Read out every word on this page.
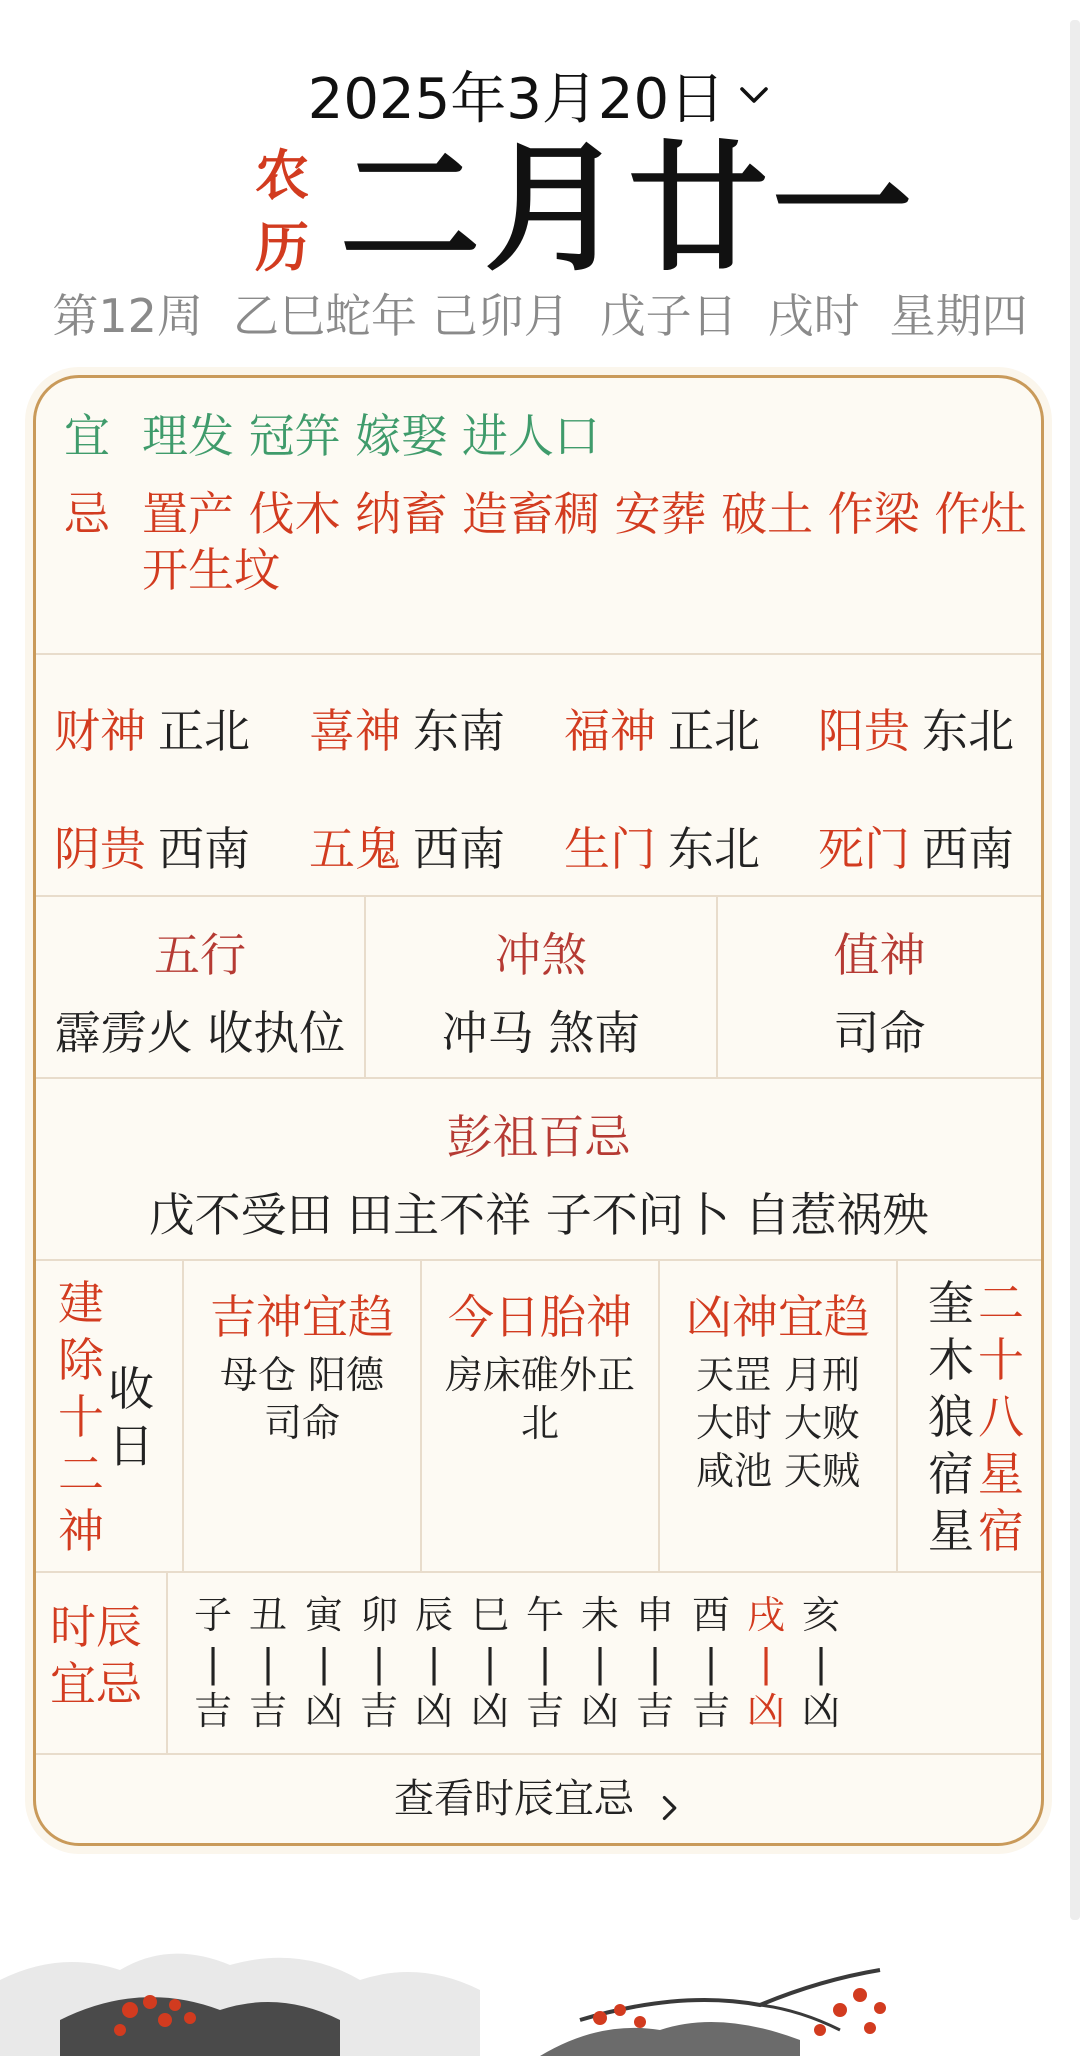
2025年3月20日
农
历 二月廿一
第12周 乙巳蛇年 己卯月 戊子日 戌时 星期四
宜 理发 冠笄 嫁娶 进人口
忌 置产 伐木 纳畜 造畜稠 安葬 破土 作梁 作灶 开生坟
财神 正北 喜神 东南 福神 正北 阳贵 东北
阴贵 西南 五鬼 西南 生门 东北 死门 西南
五行
霹雳火 收执位
冲煞
冲马 煞南
值神
司命
彭祖百忌
戊不受田 田主不祥 子不问卜 自惹祸殃
建
除
十
二
神
收
日
吉神宜趋
母仓 阳德
司命
今日胎神
房床碓外正
北
凶神宜趋
天罡 月刑
大时 大败
咸池 天贼
奎
木
狼
宿
星
二
十
八
星
宿
时辰
宜忌
子
|
吉
丑
|
吉
寅
|
凶
卯
|
吉
辰
|
凶
巳
|
凶
午
|
吉
未
|
凶
申
|
吉
酉
|
吉
戌
|
凶
亥
|
凶
查看时辰宜忌
